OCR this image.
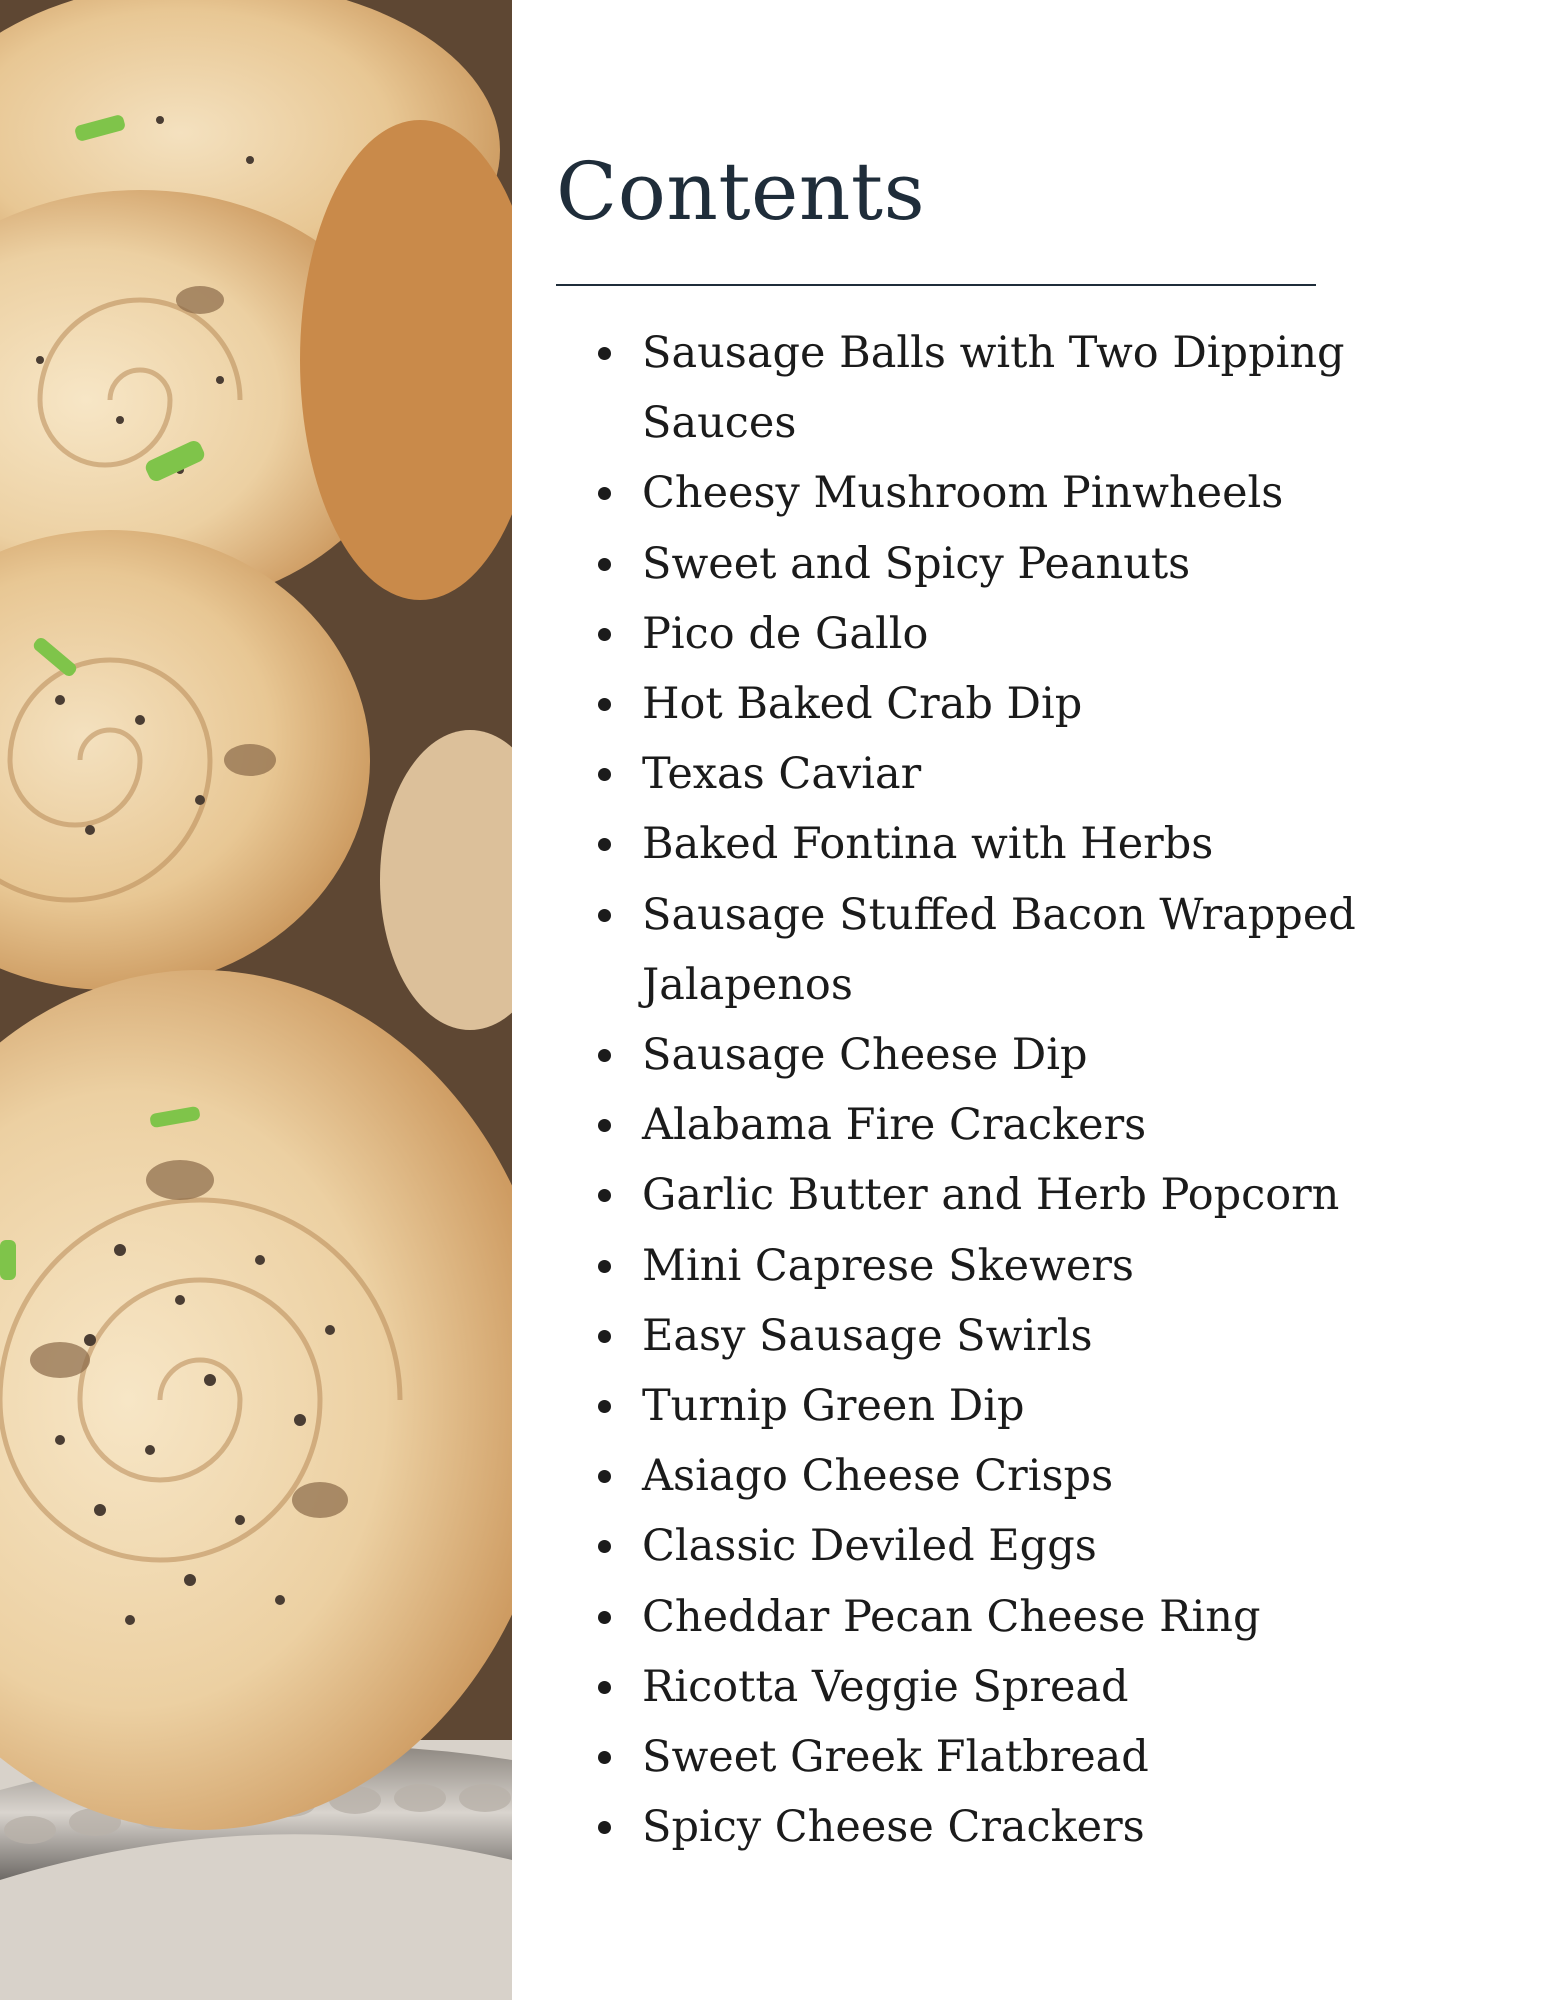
Contents
Sausage Balls with Two Dipping Sauces
Cheesy Mushroom Pinwheels
Sweet and Spicy Peanuts
Pico de Gallo
Hot Baked Crab Dip
Texas Caviar
Baked Fontina with Herbs
Sausage Stuffed Bacon Wrapped Jalapenos
Sausage Cheese Dip
Alabama Fire Crackers
Garlic Butter and Herb Popcorn
Mini Caprese Skewers
Easy Sausage Swirls
Turnip Green Dip
Asiago Cheese Crisps
Classic Deviled Eggs
Cheddar Pecan Cheese Ring
Ricotta Veggie Spread
Sweet Greek Flatbread
Spicy Cheese Crackers
